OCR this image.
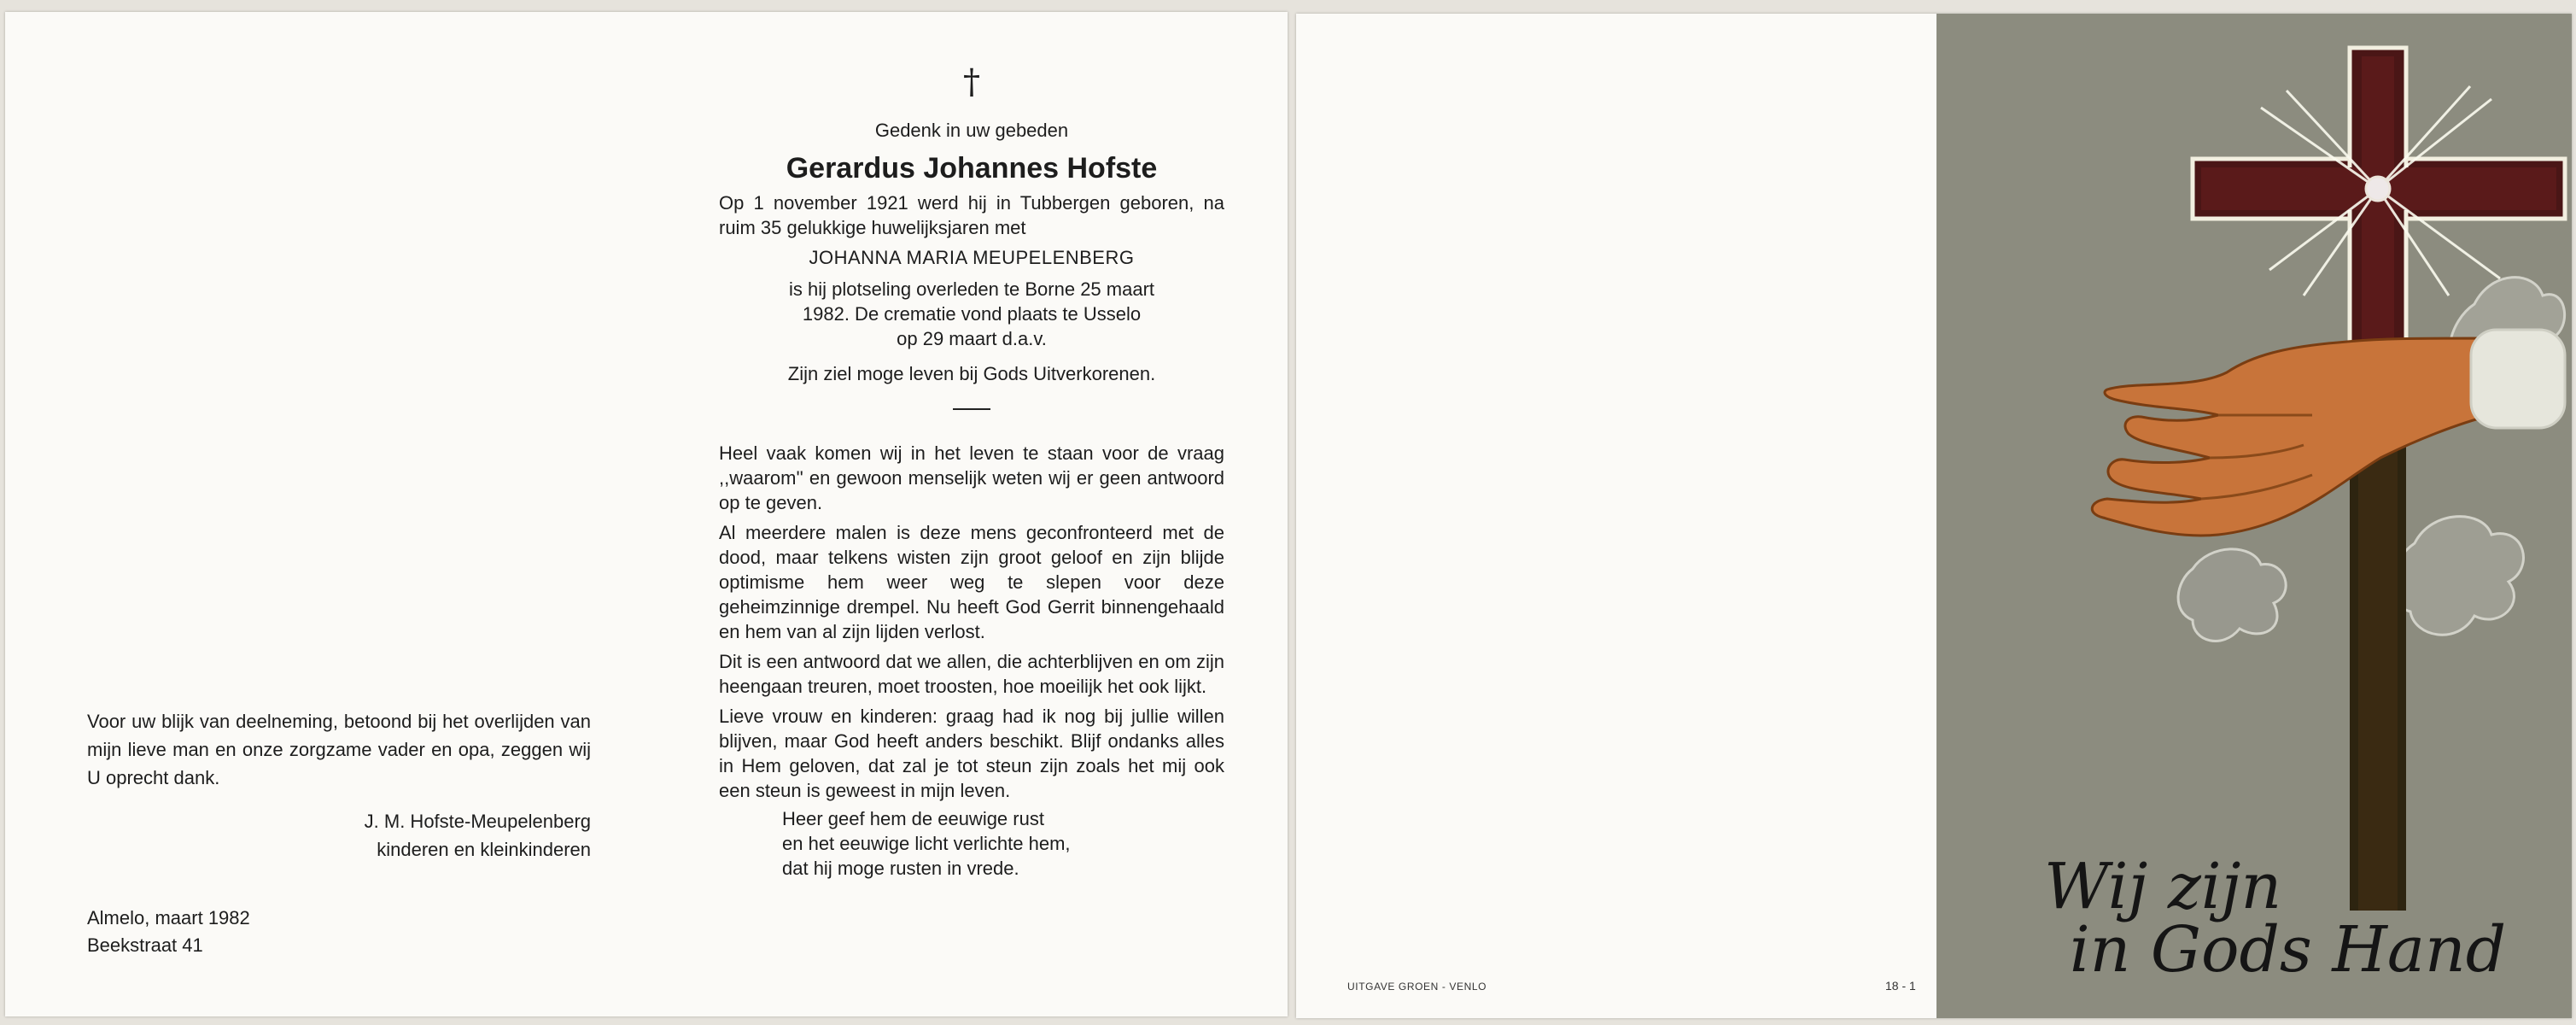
Voor uw blijk van deelneming, betoond bij het overlijden van mijn lieve man en onze zorgzame vader en opa, zeggen wij U oprecht dank.
J. M. Hofste-Meupelenberg
kinderen en kleinkinderen
Almelo, maart 1982
Beekstraat 41
†
Gedenk in uw gebeden
Gerardus Johannes Hofste
Op 1 november 1921 werd hij in Tubbergen geboren, na ruim 35 gelukkige huwelijksjaren met
JOHANNA MARIA MEUPELENBERG
is hij plotseling overleden te Borne 25 maart
1982. De crematie vond plaats te Usselo
op 29 maart d.a.v.
Zijn ziel moge leven bij Gods Uitverkorenen.
Heel vaak komen wij in het leven te staan voor de vraag ,,waarom'' en gewoon menselijk weten wij er geen antwoord op te geven.
Al meerdere malen is deze mens geconfronteerd met de dood, maar telkens wisten zijn groot geloof en zijn blijde optimisme hem weer weg te slepen voor deze geheimzinnige drempel. Nu heeft God Gerrit binnengehaald en hem van al zijn lijden verlost.
Dit is een antwoord dat we allen, die achterblijven en om zijn heengaan treuren, moet troosten, hoe moeilijk het ook lijkt.
Lieve vrouw en kinderen: graag had ik nog bij jullie willen blijven, maar God heeft anders beschikt. Blijf ondanks alles in Hem geloven, dat zal je tot steun zijn zoals het mij ook een steun is geweest in mijn leven.
Heer geef hem de eeuwige rust
en het eeuwige licht verlichte hem,
dat hij moge rusten in vrede.
UITGAVE GROEN - VENLO	18 - 1
Wij zijn
in Gods Hand
